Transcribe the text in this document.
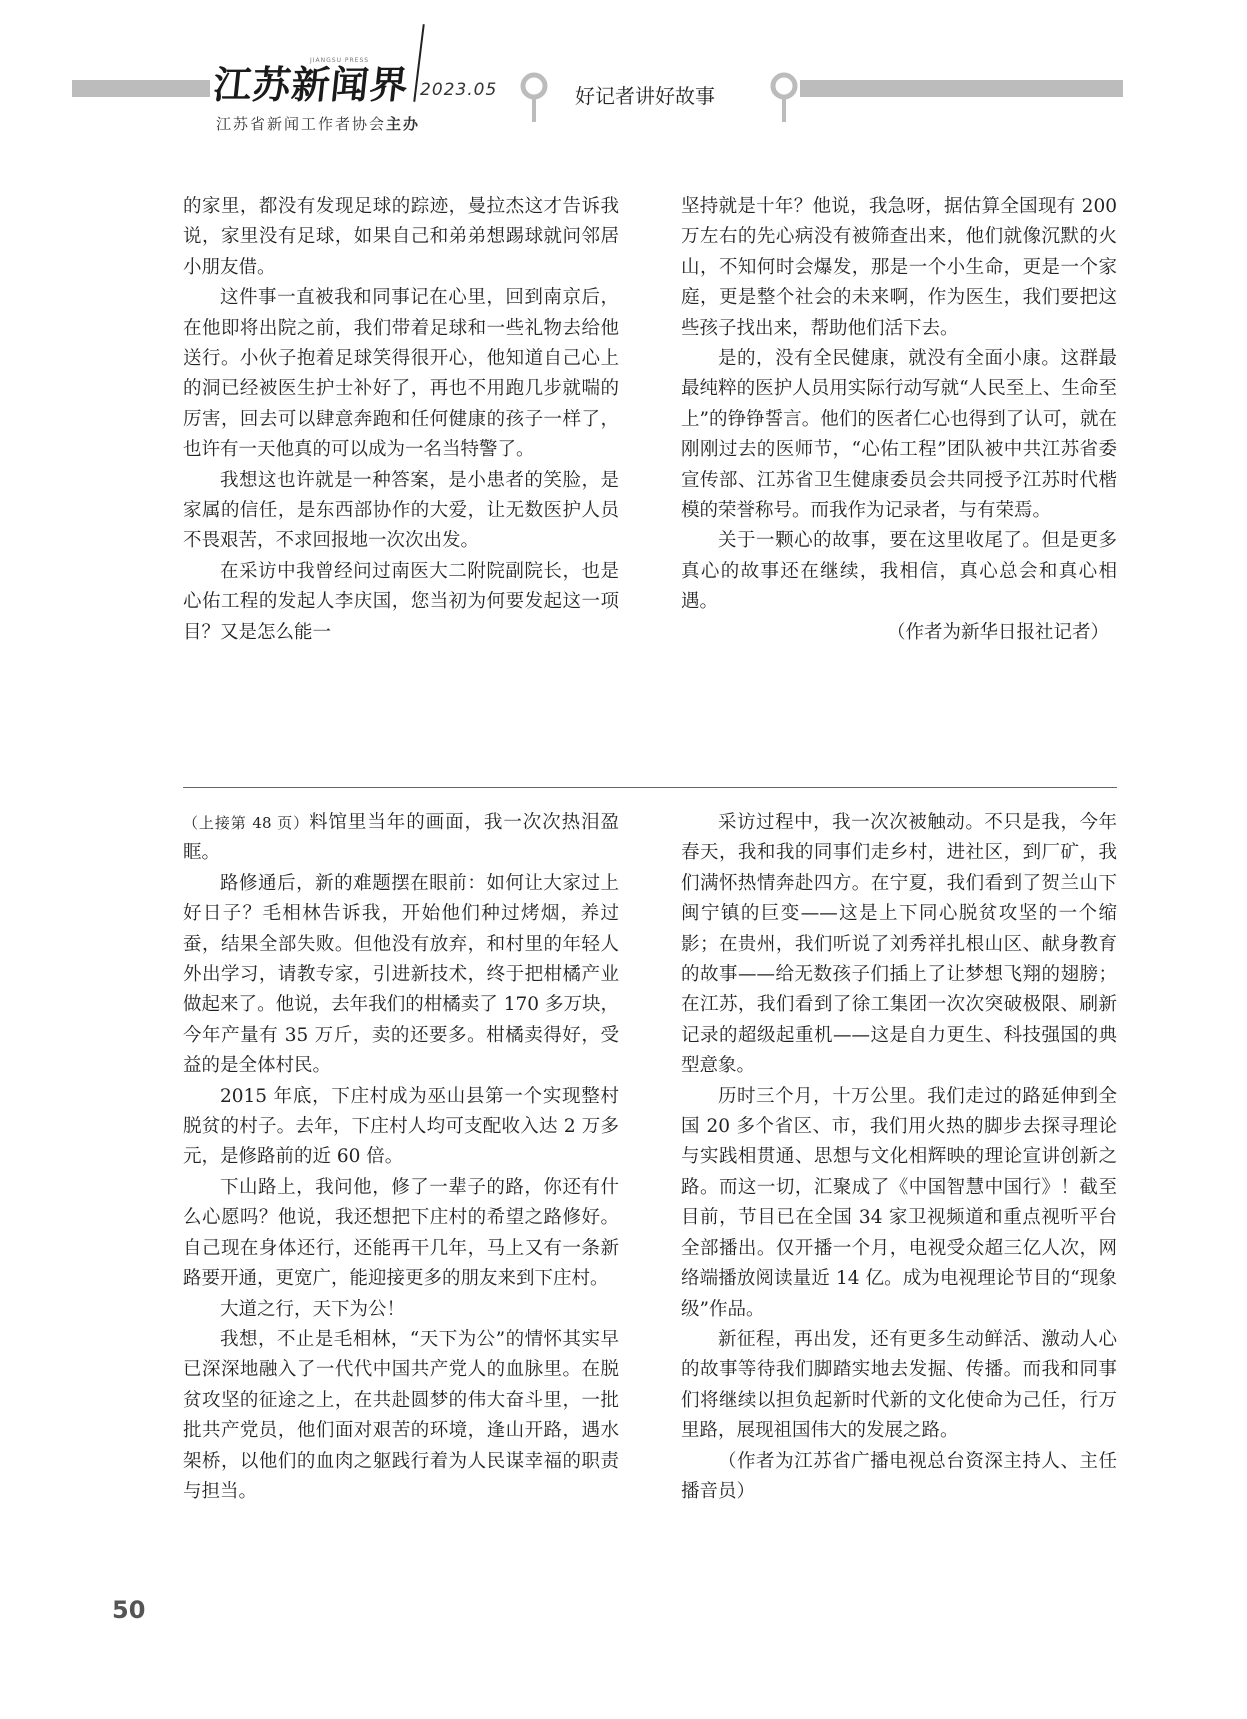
江苏新闻界
JIANGSU PRESS
2023.05	好记者讲好故事
江苏省新闻工作者协会主办

的家里，都没有发现足球的踪迹，曼拉杰这才告诉我说，家里没有足球，如果自己和弟弟想踢球就问邻居小朋友借。

这件事一直被我和同事记在心里，回到南京后，在他即将出院之前，我们带着足球和一些礼物去给他送行。小伙子抱着足球笑得很开心，他知道自己心上的洞已经被医生护士补好了，再也不用跑几步就喘的厉害，回去可以肆意奔跑和任何健康的孩子一样了，也许有一天他真的可以成为一名当特警了。

我想这也许就是一种答案，是小患者的笑脸，是家属的信任，是东西部协作的大爱，让无数医护人员不畏艰苦，不求回报地一次次出发。

在采访中我曾经问过南医大二附院副院长，也是心佑工程的发起人李庆国，您当初为何要发起这一项目？又是怎么能一

坚持就是十年？他说，我急呀，据估算全国现有 200 万左右的先心病没有被筛查出来，他们就像沉默的火山，不知何时会爆发，那是一个小生命，更是一个家庭，更是整个社会的未来啊，作为医生，我们要把这些孩子找出来，帮助他们活下去。

是的，没有全民健康，就没有全面小康。这群最最纯粹的医护人员用实际行动写就“人民至上、生命至上”的铮铮誓言。他们的医者仁心也得到了认可，就在刚刚过去的医师节，“心佑工程”团队被中共江苏省委宣传部、江苏省卫生健康委员会共同授予江苏时代楷模的荣誉称号。而我作为记录者，与有荣焉。

关于一颗心的故事，要在这里收尾了。但是更多真心的故事还在继续，我相信，真心总会和真心相遇。

（作者为新华日报社记者）

（上接第 48 页）料馆里当年的画面，我一次次热泪盈眶。

路修通后，新的难题摆在眼前：如何让大家过上好日子？毛相林告诉我，开始他们种过烤烟，养过蚕，结果全部失败。但他没有放弃，和村里的年轻人外出学习，请教专家，引进新技术，终于把柑橘产业做起来了。他说，去年我们的柑橘卖了 170 多万块，今年产量有 35 万斤，卖的还要多。柑橘卖得好，受益的是全体村民。

2015 年底，下庄村成为巫山县第一个实现整村脱贫的村子。去年，下庄村人均可支配收入达 2 万多元，是修路前的近 60 倍。

下山路上，我问他，修了一辈子的路，你还有什么心愿吗？他说，我还想把下庄村的希望之路修好。自己现在身体还行，还能再干几年，马上又有一条新路要开通，更宽广，能迎接更多的朋友来到下庄村。

大道之行，天下为公！

我想，不止是毛相林，“天下为公”的情怀其实早已深深地融入了一代代中国共产党人的血脉里。在脱贫攻坚的征途之上，在共赴圆梦的伟大奋斗里，一批批共产党员，他们面对艰苦的环境，逢山开路，遇水架桥，以他们的血肉之躯践行着为人民谋幸福的职责与担当。

采访过程中，我一次次被触动。不只是我，今年春天，我和我的同事们走乡村，进社区，到厂矿，我们满怀热情奔赴四方。在宁夏，我们看到了贺兰山下闽宁镇的巨变——这是上下同心脱贫攻坚的一个缩影；在贵州，我们听说了刘秀祥扎根山区、献身教育的故事——给无数孩子们插上了让梦想飞翔的翅膀；在江苏，我们看到了徐工集团一次次突破极限、刷新记录的超级起重机——这是自力更生、科技强国的典型意象。

历时三个月，十万公里。我们走过的路延伸到全国 20 多个省区、市，我们用火热的脚步去探寻理论与实践相贯通、思想与文化相辉映的理论宣讲创新之路。而这一切，汇聚成了《中国智慧中国行》！截至目前，节目已在全国 34 家卫视频道和重点视听平台全部播出。仅开播一个月，电视受众超三亿人次，网络端播放阅读量近 14 亿。成为电视理论节目的“现象级”作品。

新征程，再出发，还有更多生动鲜活、激动人心的故事等待我们脚踏实地去发掘、传播。而我和同事们将继续以担负起新时代新的文化使命为己任，行万里路，展现祖国伟大的发展之路。

（作者为江苏省广播电视总台资深主持人、主任播音员）

50
